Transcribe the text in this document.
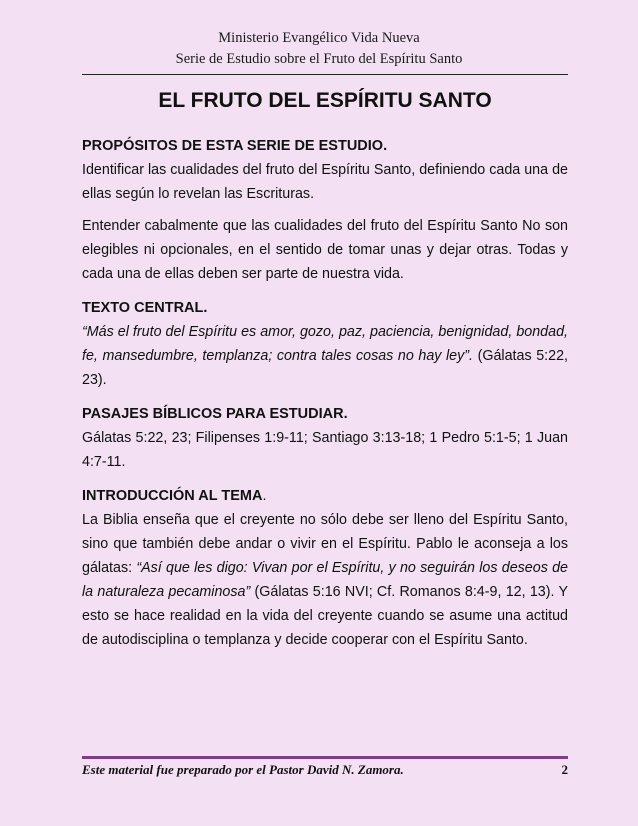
Ministerio Evangélico Vida Nueva
Serie de Estudio sobre el Fruto del Espíritu Santo
EL FRUTO DEL ESPÍRITU SANTO
PROPÓSITOS DE ESTA SERIE DE ESTUDIO.

Identificar las cualidades del fruto del Espíritu Santo, definiendo cada una de ellas según lo revelan las Escrituras.

Entender cabalmente que las cualidades del fruto del Espíritu Santo No son elegibles ni opcionales, en el sentido de tomar unas y dejar otras. Todas y cada una de ellas deben ser parte de nuestra vida.

TEXTO CENTRAL.

“Más el fruto del Espíritu es amor, gozo, paz, paciencia, benignidad, bondad, fe, mansedumbre, templanza; contra tales cosas no hay ley”. (Gálatas 5:22, 23).

PASAJES BÍBLICOS PARA ESTUDIAR.

Gálatas 5:22, 23; Filipenses 1:9-11; Santiago 3:13-18; 1 Pedro 5:1-5; 1 Juan 4:7-11.

INTRODUCCIÓN AL TEMA.

La Biblia enseña que el creyente no sólo debe ser lleno del Espíritu Santo, sino que también debe andar o vivir en el Espíritu. Pablo le aconseja a los gálatas: “Así que les digo: Vivan por el Espíritu, y no seguirán los deseos de la naturaleza pecaminosa” (Gálatas 5:16 NVI; Cf. Romanos 8:4-9, 12, 13). Y esto se hace realidad en la vida del creyente cuando se asume una actitud de autodisciplina o templanza y decide cooperar con el Espíritu Santo.

Este material fue preparado por el Pastor David N. Zamora.	2
